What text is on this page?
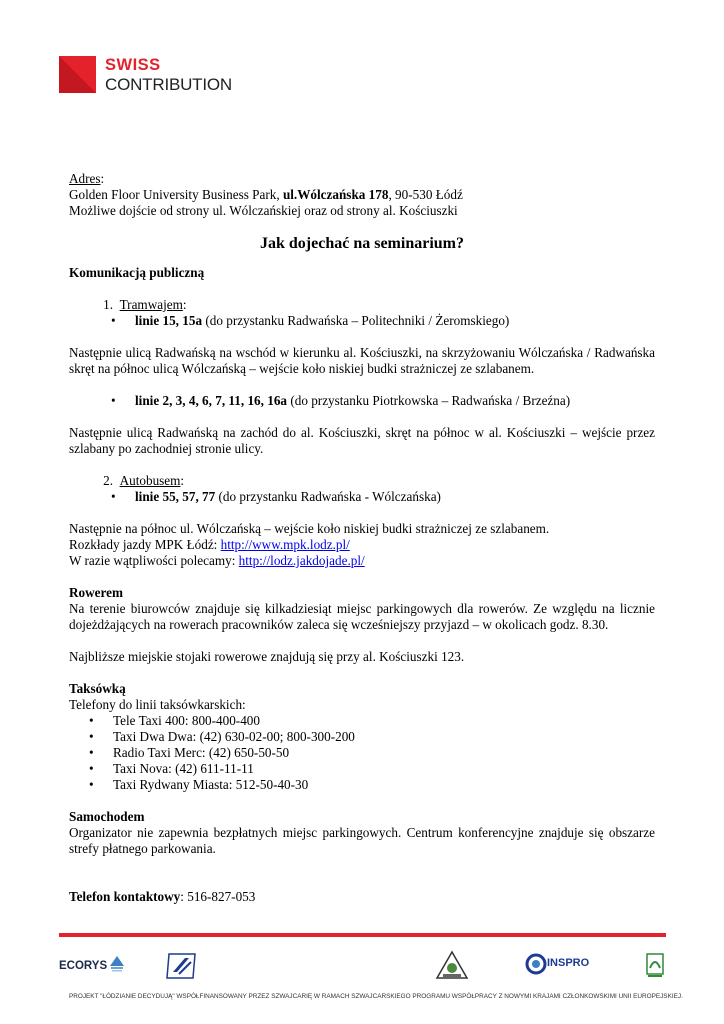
SWISS
CONTRIBUTION

Adres:

Golden Floor University Business Park, ul.Wólczańska 178, 90-530 Łódź

Możliwe dojście od strony ul. Wólczańskiej oraz od strony al. Kościuszki

Jak dojechać na seminarium?

Komunikacją publiczną

1. Tramwajem:

• linie 15, 15a (do przystanku Radwańska – Politechniki / Żeromskiego)

Następnie ulicą Radwańską na wschód w kierunku al. Kościuszki, na skrzyżowaniu Wólczańska / Radwańska skręt na północ ulicą Wólczańską – wejście koło niskiej budki strażniczej ze szlabanem.

• linie 2, 3, 4, 6, 7, 11, 16, 16a (do przystanku Piotrkowska – Radwańska / Brzeźna)

Następnie ulicą Radwańską na zachód do al. Kościuszki, skręt na północ w al. Kościuszki – wejście przez szlabany po zachodniej stronie ulicy.

2. Autobusem:

• linie 55, 57, 77 (do przystanku Radwańska - Wólczańska)

Następnie na północ ul. Wólczańską – wejście koło niskiej budki strażniczej ze szlabanem.

Rozkłady jazdy MPK Łódź: http://www.mpk.lodz.pl/

W razie wątpliwości polecamy: http://lodz.jakdojade.pl/

Rowerem

Na terenie biurowców znajduje się kilkadziesiąt miejsc parkingowych dla rowerów. Ze względu na licznie dojeżdżających na rowerach pracowników zaleca się wcześniejszy przyjazd – w okolicach godz. 8.30.

Najbliższe miejskie stojaki rowerowe znajdują się przy al. Kościuszki 123.

Taksówką

Telefony do linii taksówkarskich:

• Tele Taxi 400: 800-400-400

• Taxi Dwa Dwa: (42) 630-02-00; 800-300-200

• Radio Taxi Merc: (42) 650-50-50

• Taxi Nova: (42) 611-11-11

• Taxi Rydwany Miasta: 512-50-40-30

Samochodem

Organizator nie zapewnia bezpłatnych miejsc parkingowych. Centrum konferencyjne znajduje się obszarze strefy płatnego parkowania.

Telefon kontaktowy: 516-827-053

ECORYS	INSPRO
PROJEKT "ŁÓDZIANIE DECYDUJĄ" WSPÓŁFINANSOWANY PRZEZ SZWAJCARIĘ W RAMACH SZWAJCARSKIEGO PROGRAMU WSPÓŁPRACY Z NOWYMI KRAJAMI CZŁONKOWSKIMI UNII EUROPEJSKIEJ.
